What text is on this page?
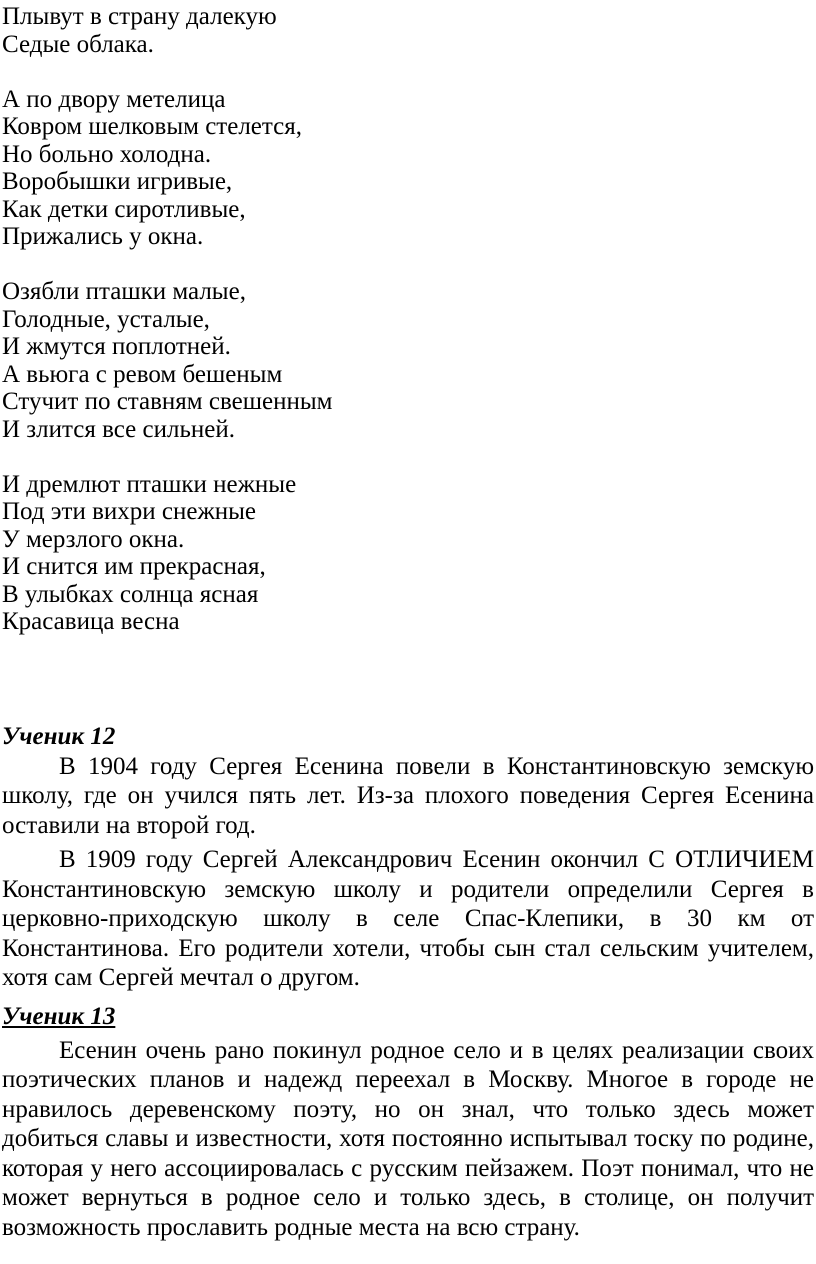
Плывут в страну далекую
Седые облака.
А по двору метелица
Ковром шелковым стелется,
Но больно холодна.
Воробышки игривые,
Как детки сиротливые,
Прижались у окна.
Озябли пташки малые,
Голодные, усталые,
И жмутся поплотней.
А вьюга с ревом бешеным
Стучит по ставням свешенным
И злится все сильней.
И дремлют пташки нежные
Под эти вихри снежные
У мерзлого окна.
И снится им прекрасная,
В улыбках солнца ясная
Красавица весна
Ученик 12

В 1904 году Сергея Есенина повели в Константиновскую земскую школу, где он учился пять лет. Из-за плохого поведения Сергея Есенина оставили на второй год.

В 1909 году Сергей Александрович Есенин окончил С ОТЛИЧИЕМ Константиновскую земскую школу и родители определили Сергея в церковно-приходскую школу в селе Спас-Клепики, в 30 км от Константинова. Его родители хотели, чтобы сын стал сельским учителем, хотя сам Сергей мечтал о другом.

Ученик 13

Есенин очень рано покинул родное село и в целях реализации своих поэтических планов и надежд переехал в Москву. Многое в городе не нравилось деревенскому поэту, но он знал, что только здесь может добиться славы и известности, хотя постоянно испытывал тоску по родине, которая у него ассоциировалась с русским пейзажем. Поэт понимал, что не может вернуться в родное село и только здесь, в столице, он получит возможность прославить родные места на всю страну.
